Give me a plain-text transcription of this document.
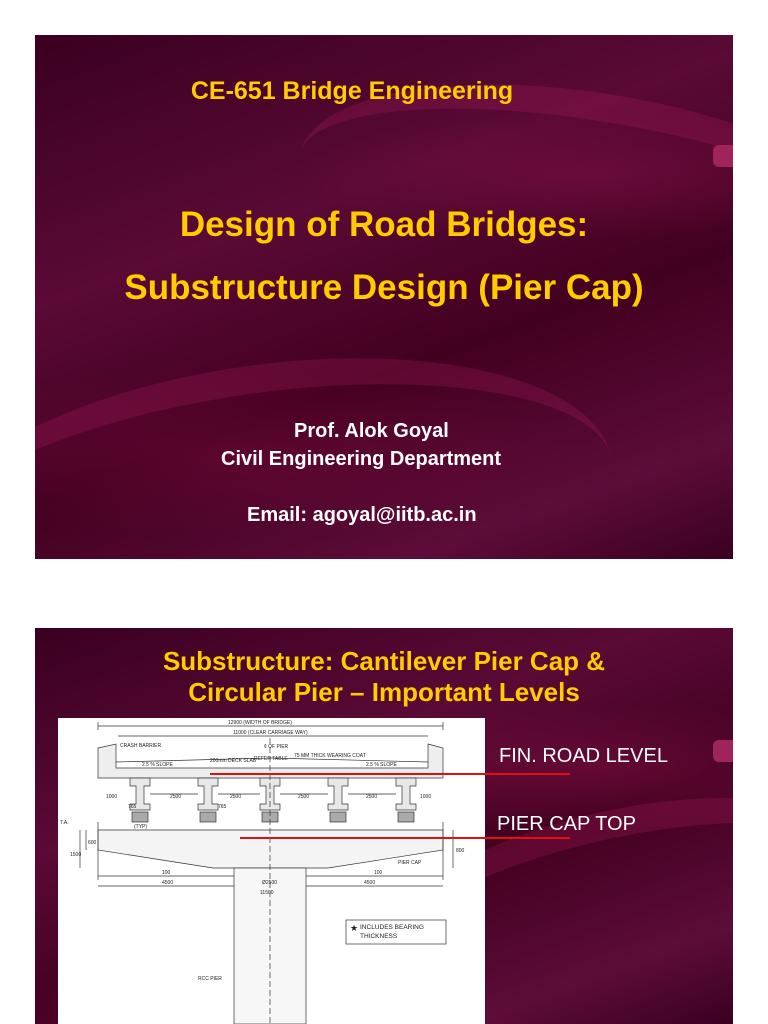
CE-651 Bridge Engineering
Design of Road Bridges:
Substructure Design (Pier Cap)
Prof. Alok Goyal
Civil Engineering Department
Email: agoyal@iitb.ac.in
Substructure: Cantilever Pier Cap &
Circular Pier – Important Levels
12900 (WIDTH OF BRIDGE)
11000 (CLEAR CARRIAGE WAY)
CRASH BARRIER	¢ OF PIER
75 MM THICK WEARING COAT
200mm DECK SLAB
REFER TABLE
2.5 % SLOPE	2.5 % SLOPE
1000	2500	2500	2500	2500	1000
765	765
(TYP)
T.A.
PIER CAP
100	100
4500	Ø2500	4500
11500
1500
600
800
★ INCLUDES BEARING
THICKNESS
RCC PIER
FIN. ROAD LEVEL
PIER CAP TOP
